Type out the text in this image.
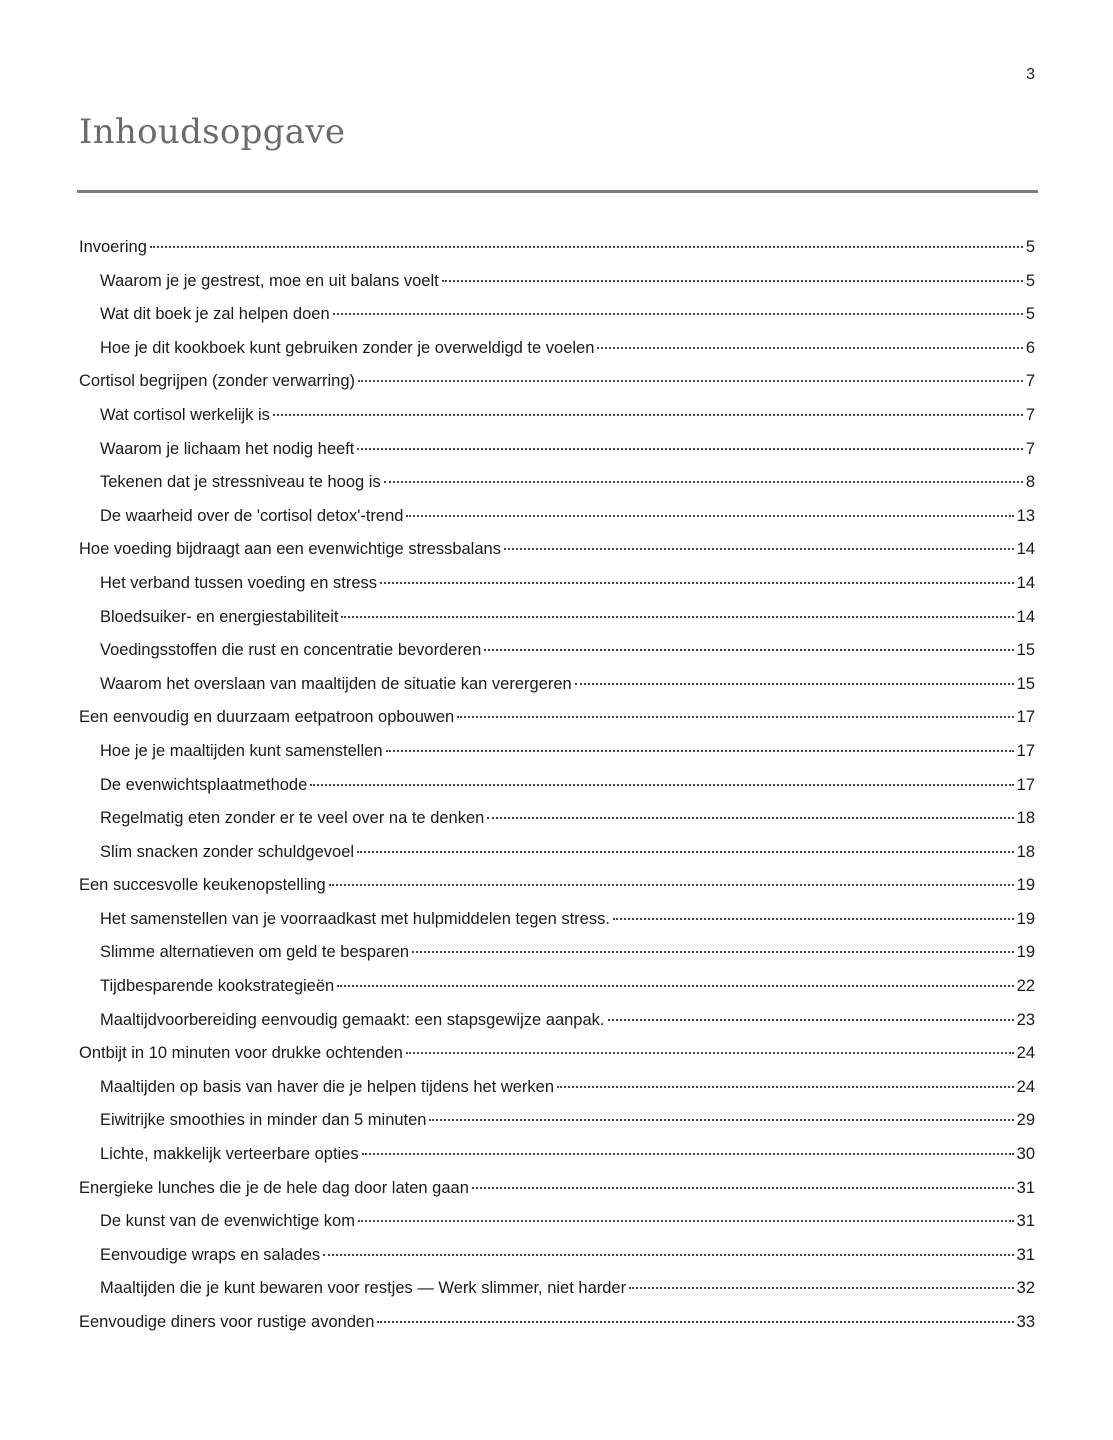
3
Inhoudsopgave
Invoering	5
Waarom je je gestrest, moe en uit balans voelt	5
Wat dit boek je zal helpen doen	5
Hoe je dit kookboek kunt gebruiken zonder je overweldigd te voelen	6
Cortisol begrijpen (zonder verwarring)	7
Wat cortisol werkelijk is	7
Waarom je lichaam het nodig heeft	7
Tekenen dat je stressniveau te hoog is	8
De waarheid over de 'cortisol detox'-trend	13
Hoe voeding bijdraagt aan een evenwichtige stressbalans	14
Het verband tussen voeding en stress	14
Bloedsuiker- en energiestabiliteit	14
Voedingsstoffen die rust en concentratie bevorderen	15
Waarom het overslaan van maaltijden de situatie kan verergeren	15
Een eenvoudig en duurzaam eetpatroon opbouwen	17
Hoe je je maaltijden kunt samenstellen	17
De evenwichtsplaatmethode	17
Regelmatig eten zonder er te veel over na te denken	18
Slim snacken zonder schuldgevoel	18
Een succesvolle keukenopstelling	19
Het samenstellen van je voorraadkast met hulpmiddelen tegen stress.	19
Slimme alternatieven om geld te besparen	19
Tijdbesparende kookstrategieën	22
Maaltijdvoorbereiding eenvoudig gemaakt: een stapsgewijze aanpak.	23
Ontbijt in 10 minuten voor drukke ochtenden	24
Maaltijden op basis van haver die je helpen tijdens het werken	24
Eiwitrijke smoothies in minder dan 5 minuten	29
Lichte, makkelijk verteerbare opties	30
Energieke lunches die je de hele dag door laten gaan	31
De kunst van de evenwichtige kom	31
Eenvoudige wraps en salades	31
Maaltijden die je kunt bewaren voor restjes — Werk slimmer, niet harder	32
Eenvoudige diners voor rustige avonden	33
